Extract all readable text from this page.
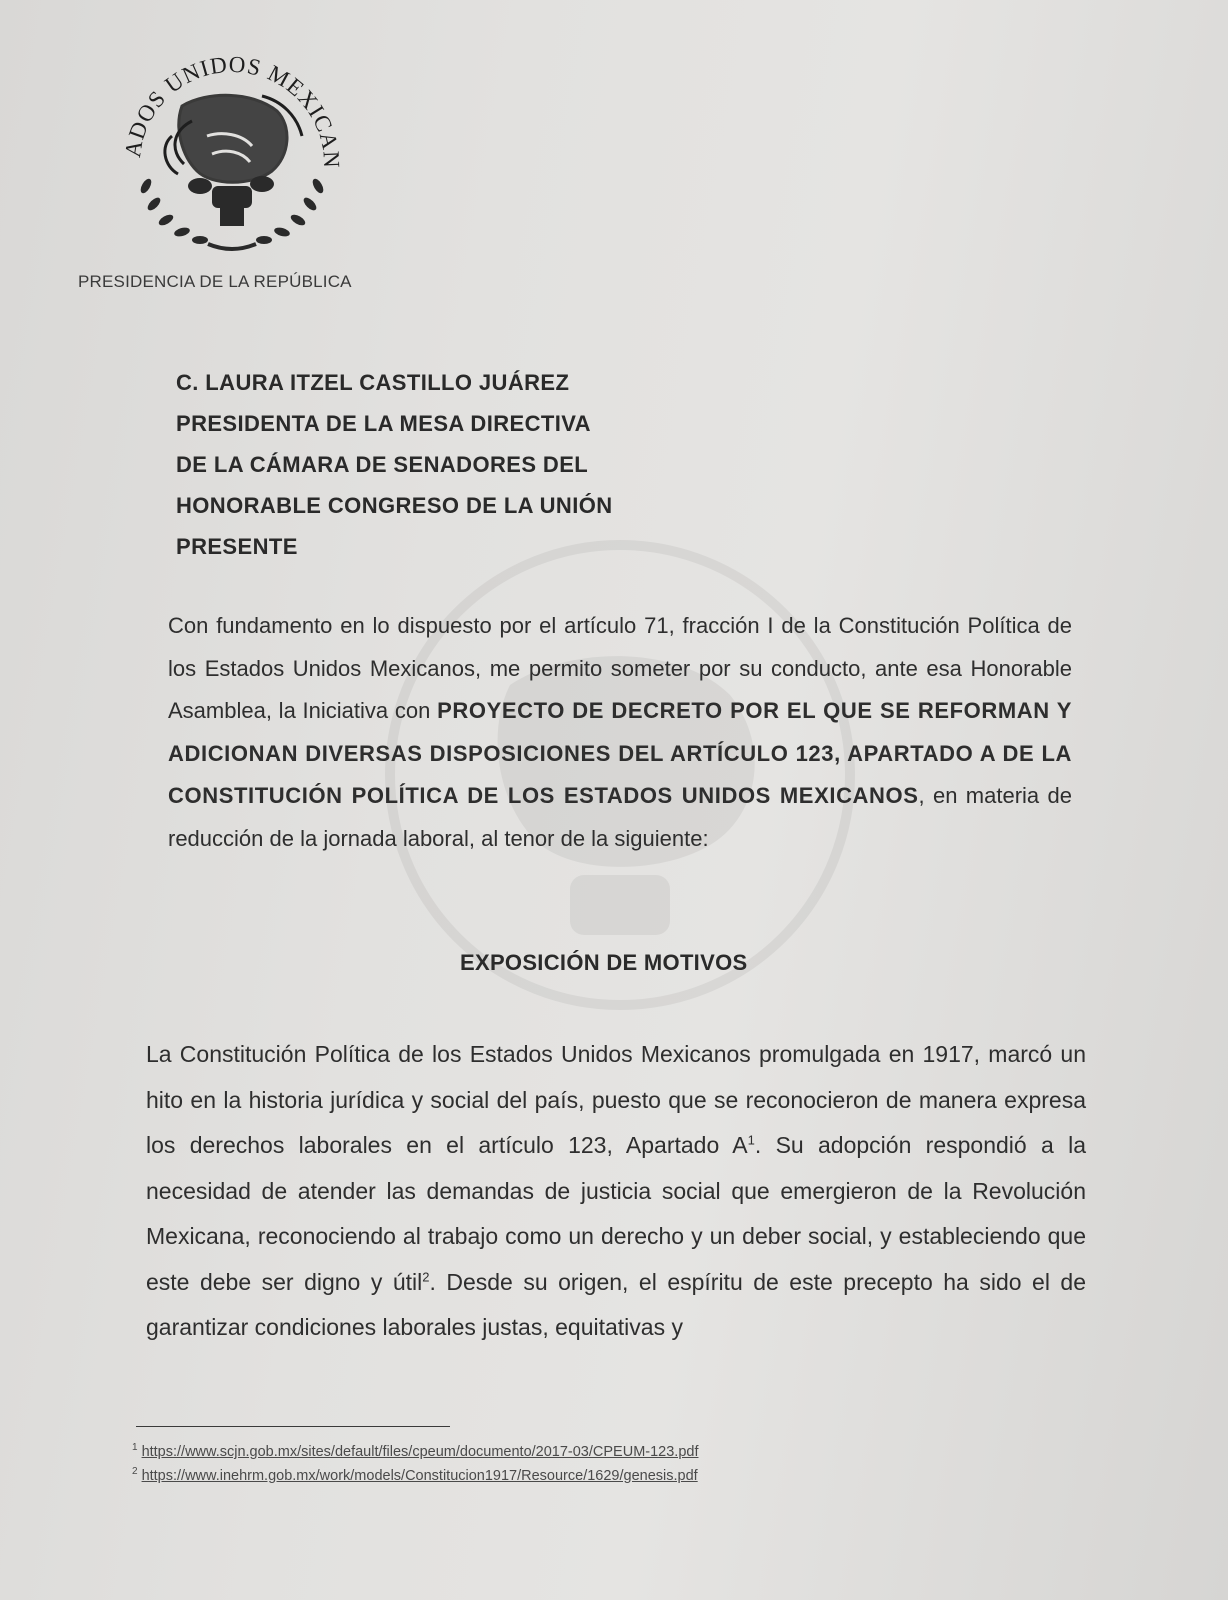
ADOS UNIDOS MEXICAN
PRESIDENCIA DE LA REPÚBLICA
C. LAURA ITZEL CASTILLO JUÁREZ
PRESIDENTA DE LA MESA DIRECTIVA
DE LA CÁMARA DE SENADORES DEL
HONORABLE CONGRESO DE LA UNIÓN
PRESENTE
Con fundamento en lo dispuesto por el artículo 71, fracción I de la Constitución Política de los Estados Unidos Mexicanos, me permito someter por su conducto, ante esa Honorable Asamblea, la Iniciativa con PROYECTO DE DECRETO POR EL QUE SE REFORMAN Y ADICIONAN DIVERSAS DISPOSICIONES DEL ARTÍCULO 123, APARTADO A DE LA CONSTITUCIÓN POLÍTICA DE LOS ESTADOS UNIDOS MEXICANOS, en materia de reducción de la jornada laboral, al tenor de la siguiente:
EXPOSICIÓN DE MOTIVOS
La Constitución Política de los Estados Unidos Mexicanos promulgada en 1917, marcó un hito en la historia jurídica y social del país, puesto que se reconocieron de manera expresa los derechos laborales en el artículo 123, Apartado $A^1$. Su adopción respondió a la necesidad de atender las demandas de justicia social que emergieron de la Revolución Mexicana, reconociendo al trabajo como un derecho y un deber social, y estableciendo que este debe ser digno y útil$^2$. Desde su origen, el espíritu de este precepto ha sido el de garantizar condiciones laborales justas, equitativas y
$^1$ https://www.scjn.gob.mx/sites/default/files/cpeum/documento/2017-03/CPEUM-123.pdf
$^2$ https://www.inehrm.gob.mx/work/models/Constitucion1917/Resource/1629/genesis.pdf
